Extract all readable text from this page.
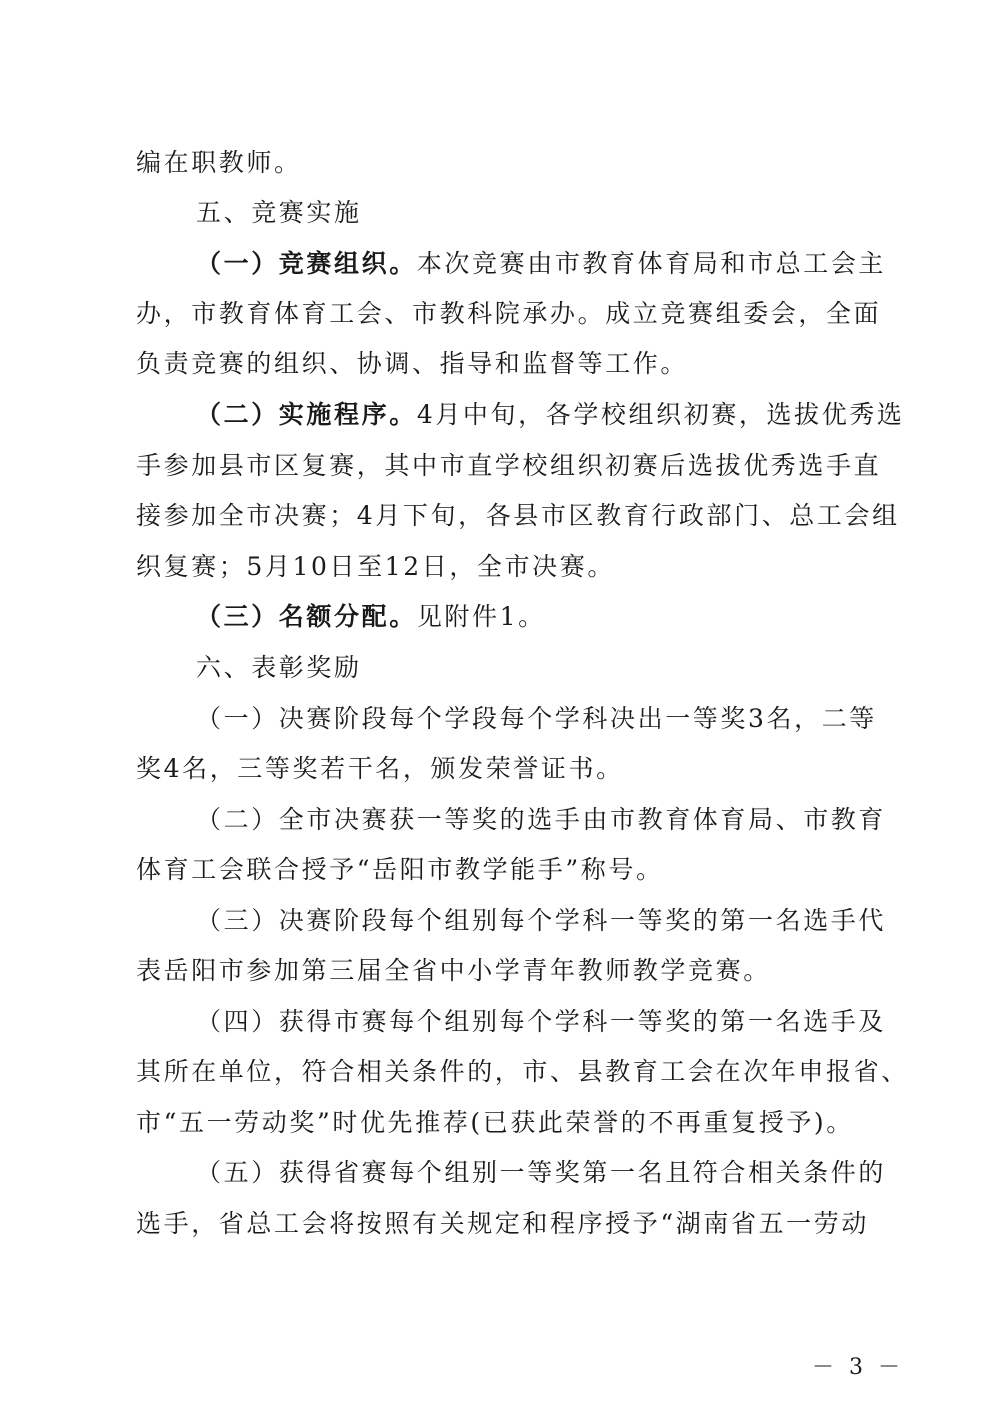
编在职教师。
五、竞赛实施
（一）竞赛组织。本次竞赛由市教育体育局和市总工会主
办，市教育体育工会、市教科院承办。成立竞赛组委会，全面
负责竞赛的组织、协调、指导和监督等工作。
（二）实施程序。4月中旬，各学校组织初赛，选拔优秀选
手参加县市区复赛，其中市直学校组织初赛后选拔优秀选手直
接参加全市决赛；4月下旬，各县市区教育行政部门、总工会组
织复赛；5月10日至12日，全市决赛。
（三）名额分配。见附件1。
六、表彰奖励
（一）决赛阶段每个学段每个学科决出一等奖3名，二等
奖4名，三等奖若干名，颁发荣誉证书。
（二）全市决赛获一等奖的选手由市教育体育局、市教育
体育工会联合授予“岳阳市教学能手”称号。
（三）决赛阶段每个组别每个学科一等奖的第一名选手代
表岳阳市参加第三届全省中小学青年教师教学竞赛。
（四）获得市赛每个组别每个学科一等奖的第一名选手及
其所在单位，符合相关条件的，市、县教育工会在次年申报省、
市“五一劳动奖”时优先推荐(已获此荣誉的不再重复授予)。
（五）获得省赛每个组别一等奖第一名且符合相关条件的
选手，省总工会将按照有关规定和程序授予“湖南省五一劳动
－ 3 －
